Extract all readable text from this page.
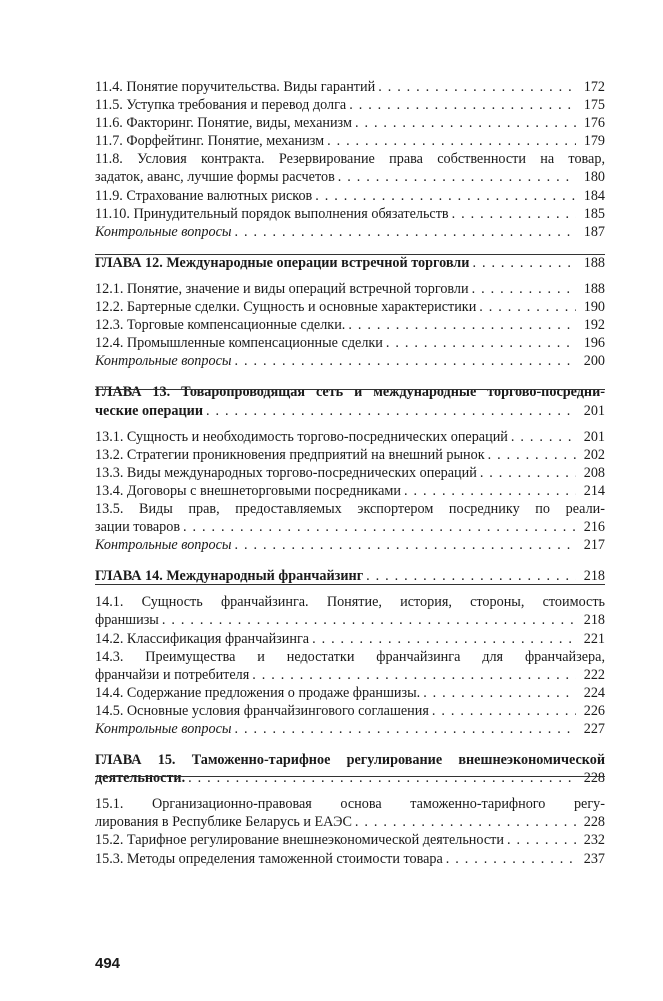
11.4. Понятие поручительства. Виды гарантий . . .	172
11.5. Уступка требования и перевод долга . . .	175
11.6. Факторинг. Понятие, виды, механизм . . .	176
11.7. Форфейтинг. Понятие, механизм . . .	179
11.8. Условия контракта. Резервирование права собственности на товар,
задаток, аванс, лучшие формы расчетов . . .	180
11.9. Страхование валютных рисков . . .	184
11.10. Принудительный порядок выполнения обязательств . . .	185
Контрольные вопросы . . .	187
ГЛАВА 12. Международные операции встречной торговли . . .	188
12.1. Понятие, значение и виды операций встречной торговли . . .	188
12.2. Бартерные сделки. Сущность и основные характеристики . . .	190
12.3. Торговые компенсационные сделки. . . .	192
12.4. Промышленные компенсационные сделки . . .	196
Контрольные вопросы . . .	200
ГЛАВА 13. Товаропроводящая сеть и международные торгово-посредни-
ческие операции . . .	201
13.1. Сущность и необходимость торгово-посреднических операций . . .	201
13.2. Стратегии проникновения предприятий на внешний рынок . . .	202
13.3. Виды международных торгово-посреднических операций . . .	208
13.4. Договоры с внешнеторговыми посредниками . . .	214
13.5. Виды прав, предоставляемых экспортером посреднику по реали-
зации товаров . . .	216
Контрольные вопросы . . .	217
ГЛАВА 14. Международный франчайзинг . . .	218
14.1. Сущность франчайзинга. Понятие, история, стороны, стоимость
франшизы . . .	218
14.2. Классификация франчайзинга . . .	221
14.3. Преимущества и недостатки франчайзинга для франчайзера,
франчайзи и потребителя . . .	222
14.4. Содержание предложения о продаже франшизы. . . .	224
14.5. Основные условия франчайзингового соглашения . . .	226
Контрольные вопросы . . .	227
ГЛАВА 15. Таможенно-тарифное регулирование внешнеэкономической
деятельности. . . .	228
15.1. Организационно-правовая основа таможенно-тарифного регу-
лирования в Республике Беларусь и ЕАЭС . . .	228
15.2. Тарифное регулирование внешнеэкономической деятельности . . .	232
15.3. Методы определения таможенной стоимости товара . . .	237
494
